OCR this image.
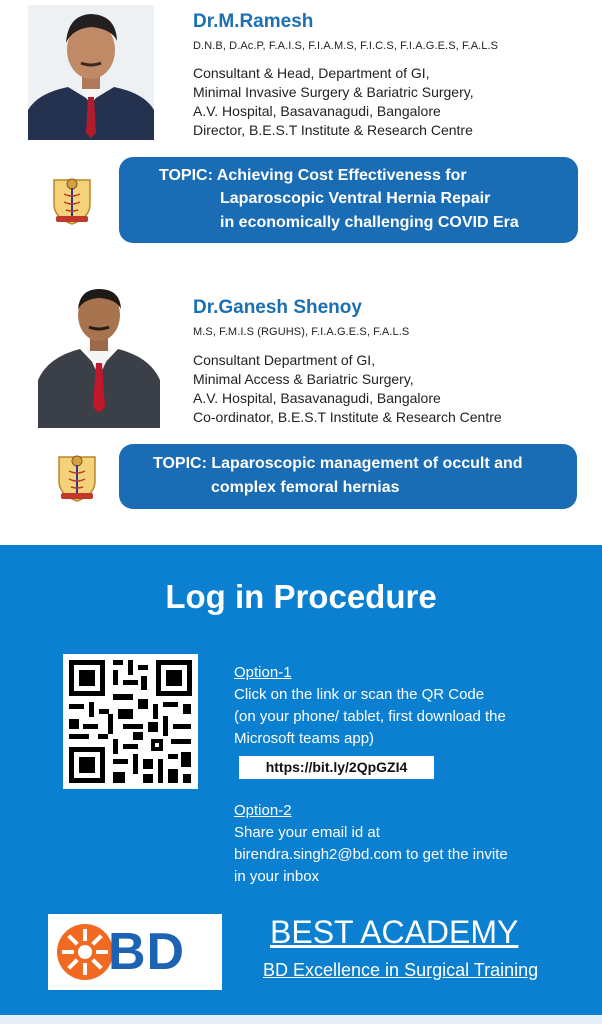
Dr.M.Ramesh
D.N.B, D.Ac.P, F.A.I.S, F.I.A.M.S, F.I.C.S, F.I.A.G.E.S, F.A.L.S
Consultant & Head, Department of GI,
Minimal Invasive Surgery & Bariatric Surgery,
A.V. Hospital, Basavanagudi, Bangalore
Director, B.E.S.T Institute & Research Centre
TOPIC: Achieving Cost Effectiveness for
Laparoscopic Ventral Hernia Repair
in economically challenging COVID Era
Dr.Ganesh Shenoy
M.S, F.M.I.S (RGUHS), F.I.A.G.E.S, F.A.L.S
Consultant Department of GI,
Minimal Access & Bariatric Surgery,
A.V. Hospital, Basavanagudi, Bangalore
Co-ordinator, B.E.S.T Institute & Research Centre
TOPIC: Laparoscopic management of occult and
complex femoral hernias
Log in Procedure
Option-1
Click on the link or scan the QR Code
(on your phone/ tablet, first download the
Microsoft teams app)
https://bit.ly/2QpGZI4
Option-2
Share your email id at
birendra.singh2@bd.com to get the invite
in your inbox
BD	BEST ACADEMY
BD Excellence in Surgical Training
